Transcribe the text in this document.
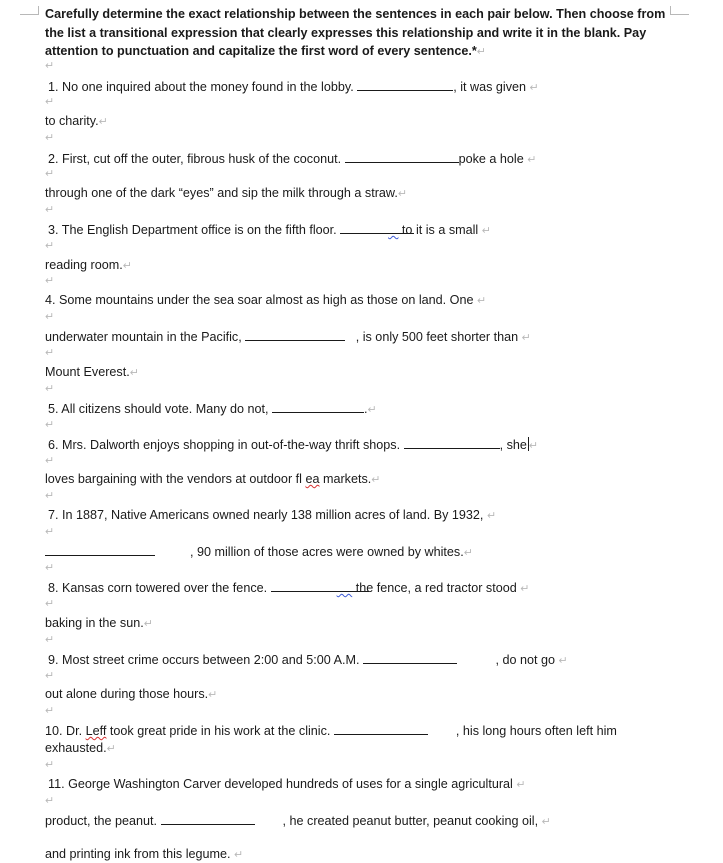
Carefully determine the exact relationship between the sentences in each pair below. Then choose from the list a transitional expression that clearly expresses this relationship and write it in the blank. Pay attention to punctuation and capitalize the first word of every sentence.*↵
↵
1. No one inquired about the money found in the lobby.	, it was given ↵
↵
to charity.↵
↵
2. First, cut off the outer, fibrous husk of the coconut.	poke a hole ↵
↵
through one of the dark “eyes” and sip the milk through a straw.↵
↵
3. The English Department office is on the fifth floor.	to it is a small ↵
↵
reading room.↵
↵
4. Some mountains under the sea soar almost as high as those on land. One ↵
↵
underwater mountain in the Pacific,	, is only 500 feet shorter than ↵
↵
Mount Everest.↵
↵
5. All citizens should vote. Many do not,	.↵
↵
6. Mrs. Dalworth enjoys shopping in out-of-the-way thrift shops.	, she ↵
↵
loves bargaining with the vendors at outdoor fl ea markets.↵
↵
7. In 1887, Native Americans owned nearly 138 million acres of land. By 1932, ↵
↵
, 90 million of those acres were owned by whites.↵
↵
8. Kansas corn towered over the fence.	the fence, a red tractor stood ↵
↵
baking in the sun.↵
↵
9. Most street crime occurs between 2:00 and 5:00 A.M.	, do not go ↵
↵
out alone during those hours.↵
↵
10. Dr. Leff took great pride in his work at the clinic.	, his long hours often left him
exhausted.↵
↵
11. George Washington Carver developed hundreds of uses for a single agricultural ↵
↵
product, the peanut.	, he created peanut butter, peanut cooking oil, ↵
and printing ink from this legume. ↵
